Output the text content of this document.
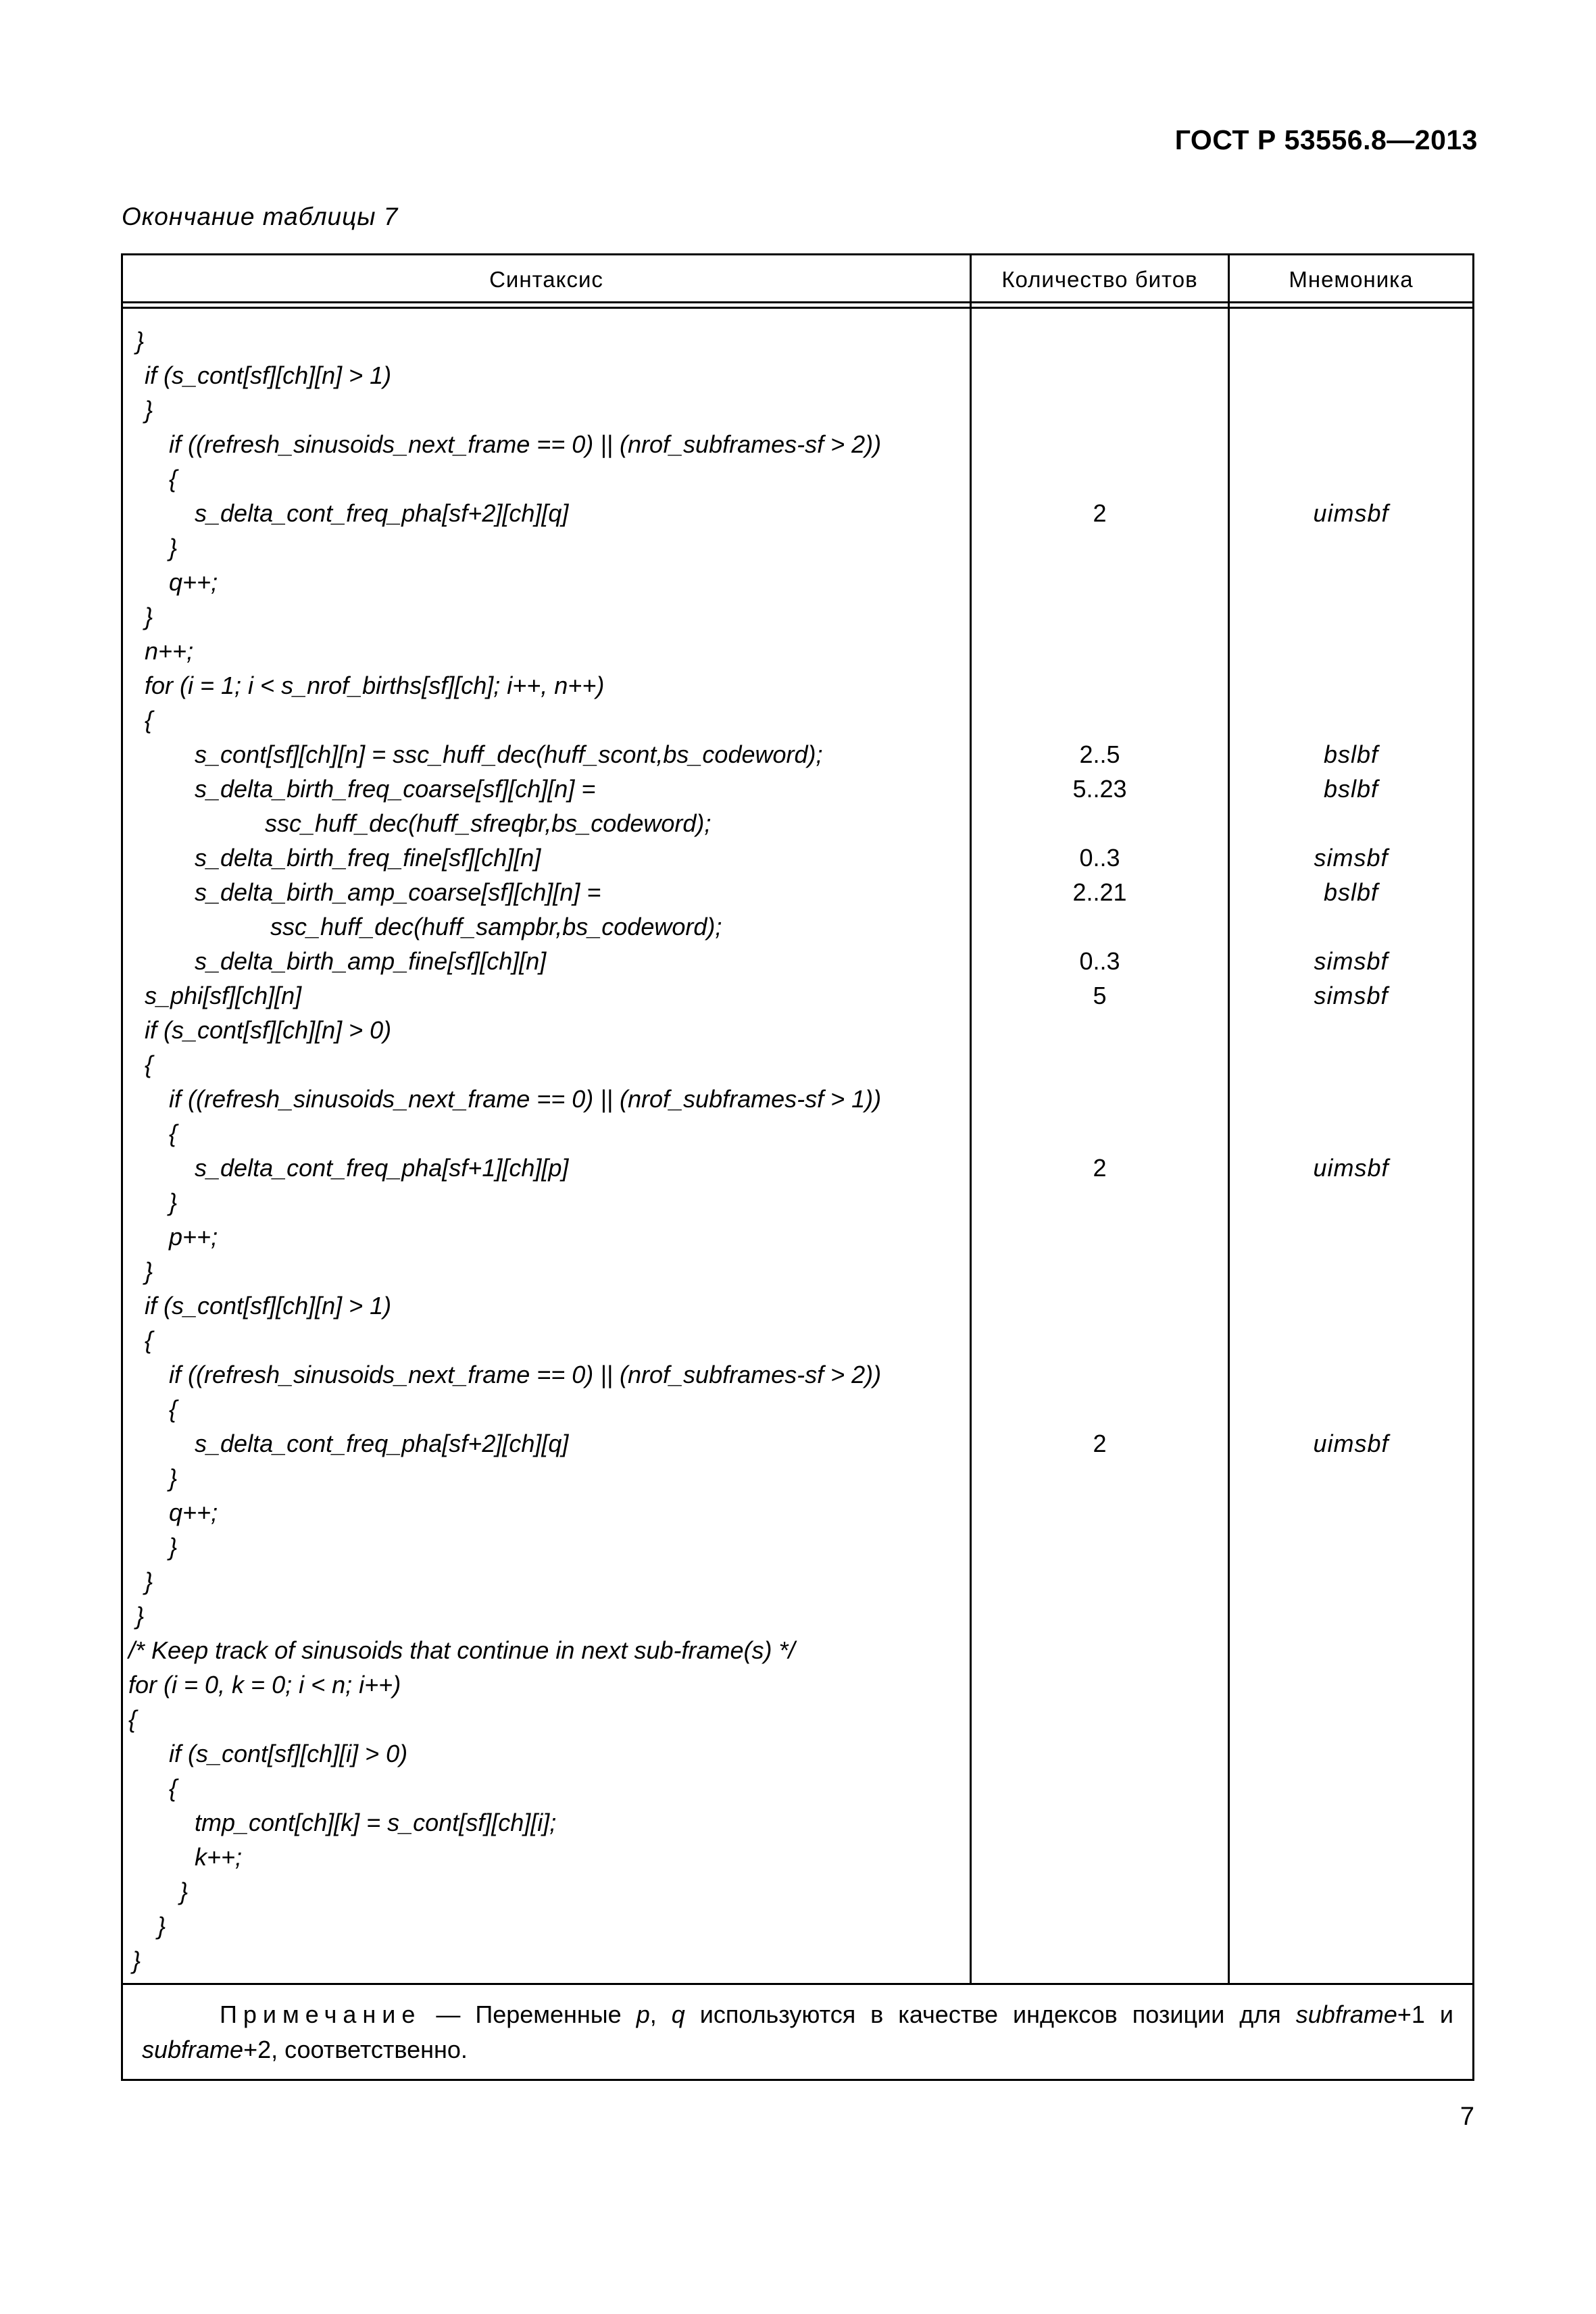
ГОСТ Р 53556.8—2013
Окончание таблицы 7
Синтаксис	Количество битов	Мнемоника
}
if (s_cont[sf][ch][n] > 1)
}
if ((refresh_sinusoids_next_frame == 0) || (nrof_subframes-sf > 2))
{
s_delta_cont_freq_pha[sf+2][ch][q]	2	uimsbf
}
q++;
}
n++;
for (i = 1; i < s_nrof_births[sf][ch]; i++, n++)
{
s_cont[sf][ch][n] = ssc_huff_dec(huff_scont,bs_codeword);	2..5	bslbf
s_delta_birth_freq_coarse[sf][ch][n] =	5..23	bslbf
ssc_huff_dec(huff_sfreqbr,bs_codeword);
s_delta_birth_freq_fine[sf][ch][n]	0..3	simsbf
s_delta_birth_amp_coarse[sf][ch][n] =	2..21	bslbf
ssc_huff_dec(huff_sampbr,bs_codeword);
s_delta_birth_amp_fine[sf][ch][n]	0..3	simsbf
s_phi[sf][ch][n]	5	simsbf
if (s_cont[sf][ch][n] > 0)
{
if ((refresh_sinusoids_next_frame == 0) || (nrof_subframes-sf > 1))
{
s_delta_cont_freq_pha[sf+1][ch][p]	2	uimsbf
}
p++;
}
if (s_cont[sf][ch][n] > 1)
{
if ((refresh_sinusoids_next_frame == 0) || (nrof_subframes-sf > 2))
{
s_delta_cont_freq_pha[sf+2][ch][q]	2	uimsbf
}
q++;
}
}
}
/* Keep track of sinusoids that continue in next sub-frame(s) */
for (i = 0, k = 0; i < n; i++)
{
if (s_cont[sf][ch][i] > 0)
{
tmp_cont[ch][k] = s_cont[sf][ch][i];
k++;
}
}
}
Примечание — Переменные p, q используются в качестве индексов позиции для subframe+1 и subframe+2, соответственно.
7
